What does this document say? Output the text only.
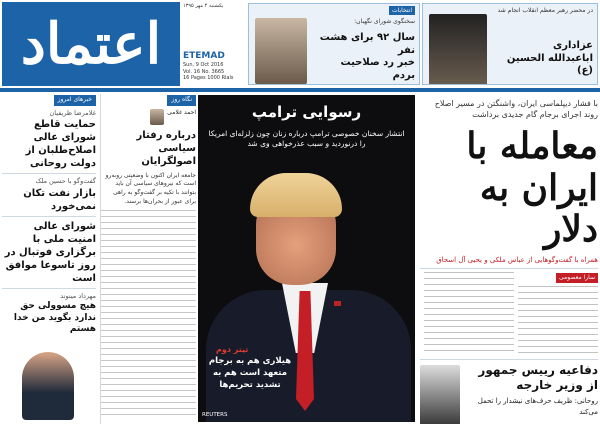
اعتماد
یکشنبه ۴ مهر ۱۳۹۵
ETEMAD
Sun, 9 Oct 2016
Vol. 16 No. 3665
16 Pages 1000 Rials
انتخابات
سخنگوی شورای نگهبان:
سال ۹۲ برای هشت نفر
خبر رد صلاحیت بردم
در محضر رهبر معظم انقلاب انجام شد
عزاداری
اباعبدالله الحسین (ع)
رسوایی ترامپ
انتشار سخنان خصوصی ترامپ درباره زنان چون زلزله‌ای امریکا را درنوردید و سبب عذرخواهی وی شد
تیتر دوم
هیلاری هم به برجام متعهد است هم به تشدید تحریم‌ها
REUTERS
با فشار دیپلماسی ایران، واشنگتن در مسیر اصلاح روند اجرای برجام گام جدیدی برداشت
معامله با ایران به دلار
همراه با گفت‌وگوهایی از عباس ملکی و یحیی آل اسحاق
سارا معصومی
دفاعیه رییس جمهور از وزیر خارجه
روحانی: ظریف حرف‌های نیشدار را تحمل می‌کند
نگاه روز
احمد غلامی
درباره رفتار سیاسی اصولگرایان
جامعه ایران اکنون با وضعیتی روبه‌رو است که نیروهای سیاسی آن باید بتوانند با تکیه بر گفت‌وگو به راهی برای عبور از بحران‌ها برسند.
خبرهای امروز
غلامرضا ظریفیان
حمایت قاطع شورای عالی اصلاح‌طلبان از دولت روحانی
گفت‌وگو با حسین ملک
بازار نفت تکان نمی‌خورد
شورای عالی امنیت ملی با برگزاری فوتبال در روز تاسوعا موافق است
مهرداد مینوند
هیچ مسوولی حق ندارد بگوید من خدا هستم
